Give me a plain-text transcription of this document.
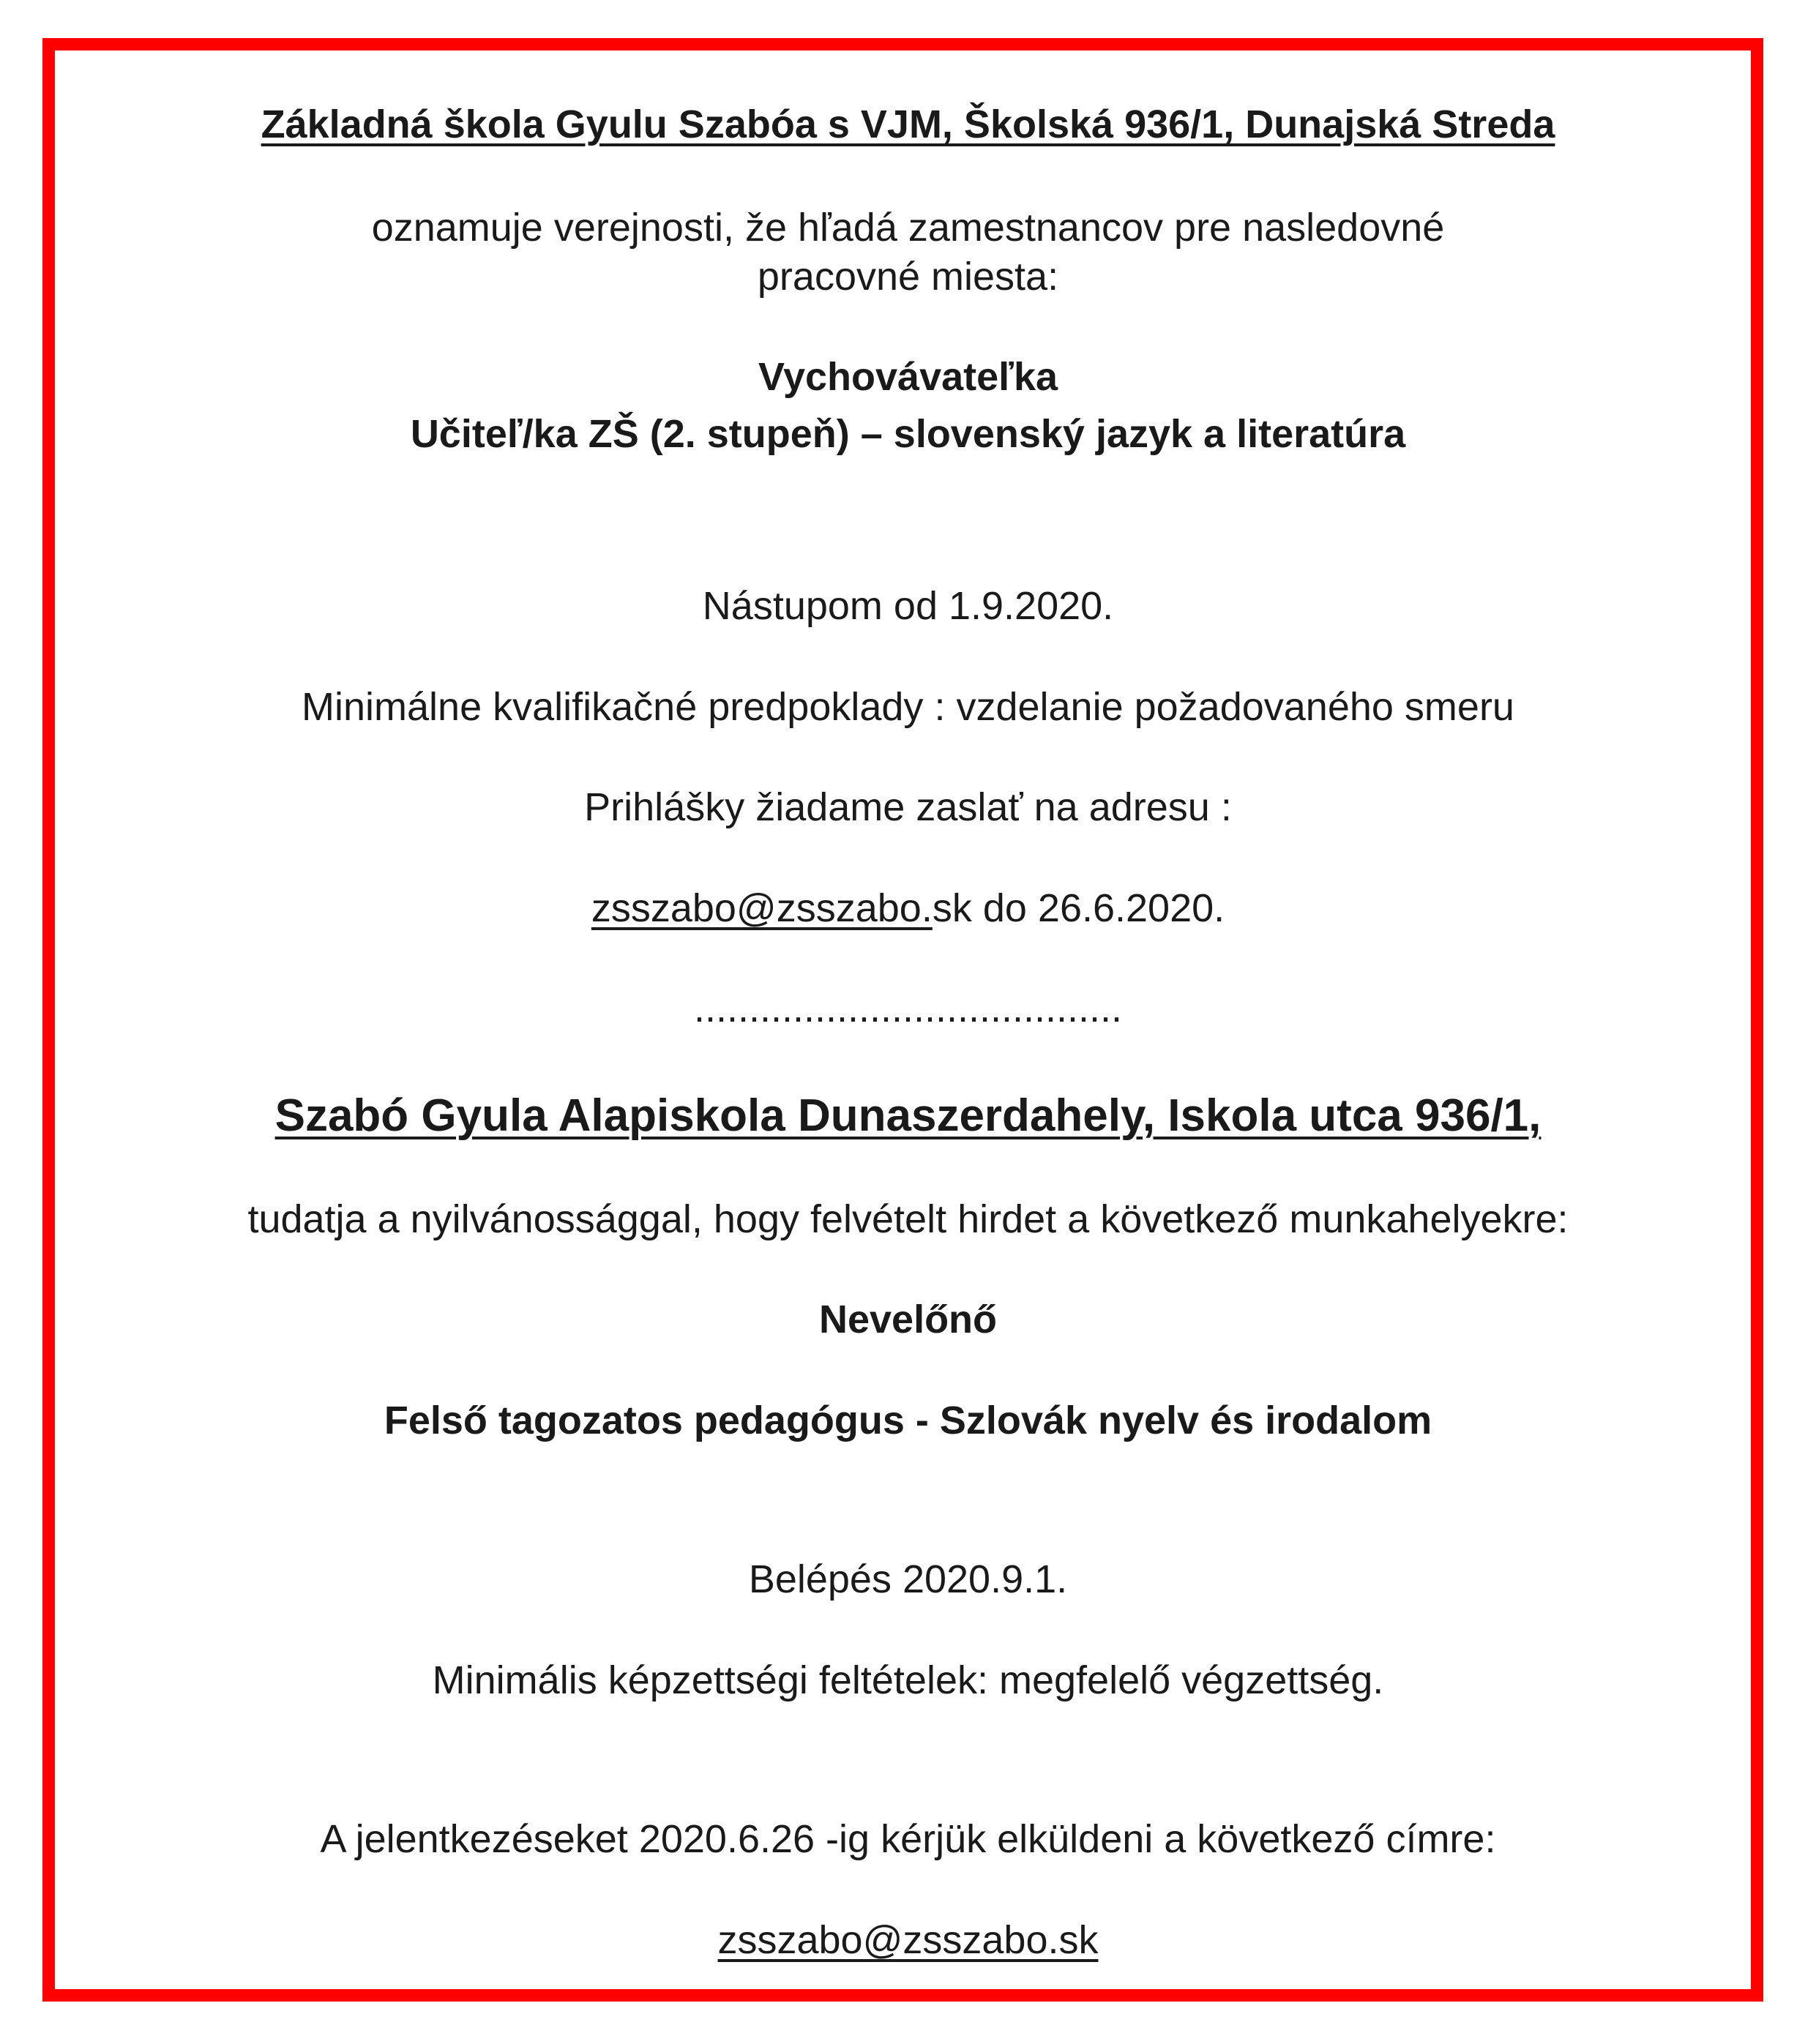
Základná škola Gyulu Szabóa s VJM, Školská 936/1, Dunajská Streda
oznamuje verejnosti, že hľadá zamestnancov pre nasledovné
pracovné miesta:
Vychovávateľka
Učiteľ/ka ZŠ (2. stupeň) – slovenský jazyk a literatúra
Nástupom od 1.9.2020.
Minimálne kvalifikačné predpoklady : vzdelanie požadovaného smeru
Prihlášky žiadame zaslať na adresu :
zsszabo@zsszabo.sk do 26.6.2020.
.......................................
Szabó Gyula Alapiskola Dunaszerdahely, Iskola utca 936/1,
tudatja a nyilvánossággal, hogy felvételt hirdet a következő munkahelyekre:
Nevelőnő
Felső tagozatos pedagógus - Szlovák nyelv és irodalom
Belépés 2020.9.1.
Minimális képzettségi feltételek: megfelelő végzettség.
A jelentkezéseket 2020.6.26 -ig kérjük elküldeni a következő címre:
zsszabo@zsszabo.sk
